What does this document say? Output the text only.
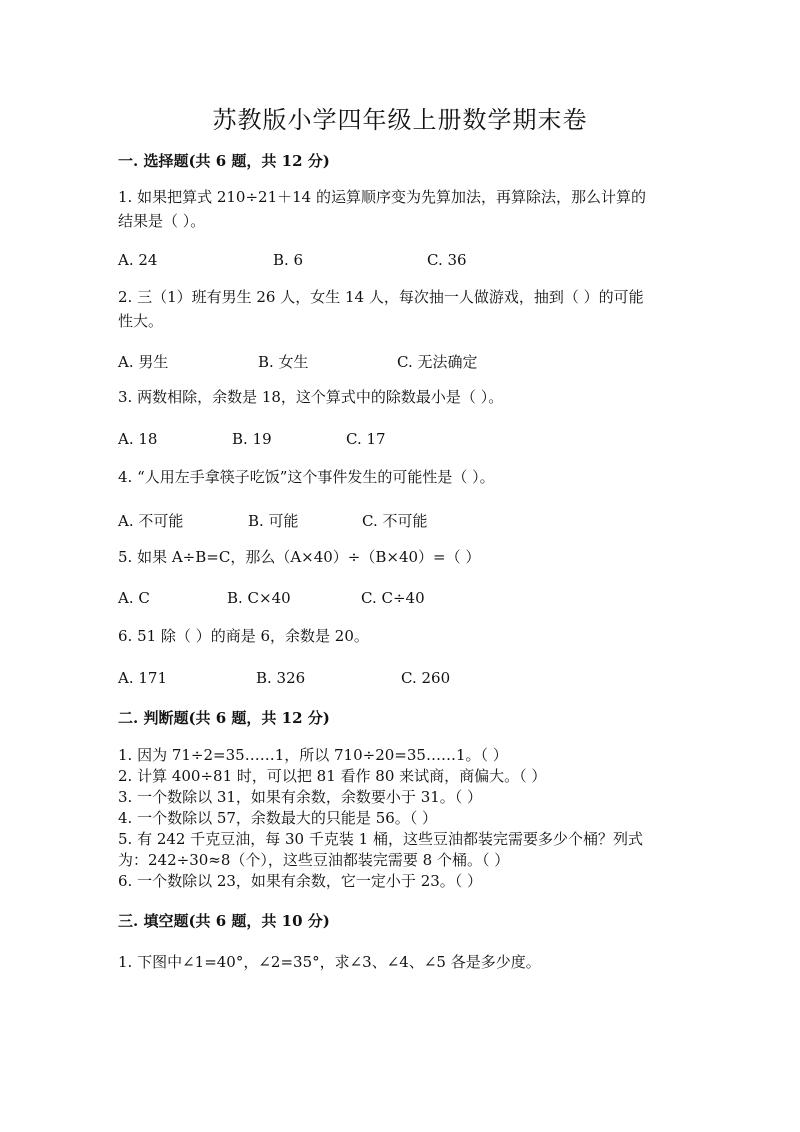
苏教版小学四年级上册数学期末卷
一. 选择题(共 6 题，共 12 分)
1. 如果把算式 210÷21＋14 的运算顺序变为先算加法，再算除法，那么计算的
结果是（ ）。
A. 24	B. 6	C. 36
2. 三（1）班有男生 26 人，女生 14 人，每次抽一人做游戏，抽到（ ）的可能
性大。
A. 男生	B. 女生	C. 无法确定
3. 两数相除，余数是 18，这个算式中的除数最小是（ ）。
A. 18	B. 19	C. 17
4. “人用左手拿筷子吃饭”这个事件发生的可能性是（ ）。
A. 不可能	B. 可能	C. 不可能
5. 如果 A÷B=C，那么（A×40）÷（B×40）=（ ）
A. C	B. C×40	C. C÷40
6. 51 除（ ）的商是 6，余数是 20。
A. 171	B. 326	C. 260
二. 判断题(共 6 题，共 12 分)
1. 因为 71÷2=35……1，所以 710÷20=35……1。（ ）
2. 计算 400÷81 时，可以把 81 看作 80 来试商，商偏大。（ ）
3. 一个数除以 31，如果有余数，余数要小于 31。（ ）
4. 一个数除以 57，余数最大的只能是 56。（ ）
5. 有 242 千克豆油，每 30 千克装 1 桶，这些豆油都装完需要多少个桶？列式
为：242÷30≈8（个），这些豆油都装完需要 8 个桶。（ ）
6. 一个数除以 23，如果有余数，它一定小于 23。（ ）
三. 填空题(共 6 题，共 10 分)
1. 下图中∠1=40°，∠2=35°，求∠3、∠4、∠5 各是多少度。
